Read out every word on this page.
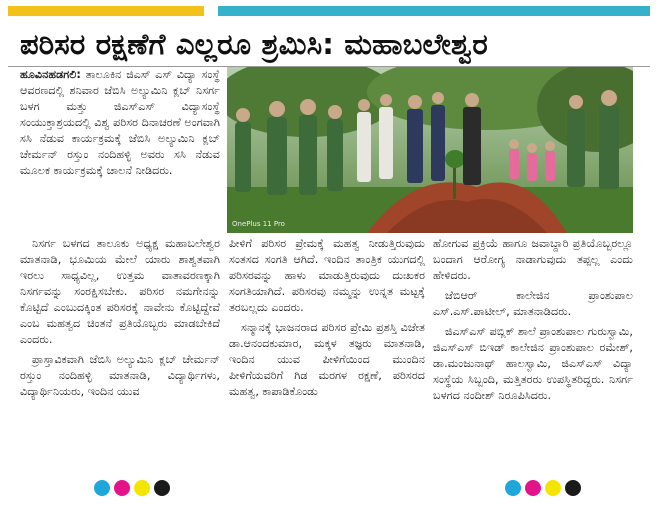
ಪರಿಸರ ರಕ್ಷಣೆಗೆ ಎಲ್ಲರೂ ಶ್ರಮಿಸಿ: ಮಹಾಬಲೇಶ್ವರ

ಹೂವಿನಹಡಗಲಿ: ತಾಲೂಕಿನ ಜಿಎಸ್ ಎಸ್ ವಿದ್ಯಾ ಸಂಸ್ಥೆ ಆವರಣದಲ್ಲಿ ಶನಿವಾರ ಜೆಬಿಸಿ ಅಲ್ಯುಮಿನಿ ಕ್ಲಬ್ ನಿಸರ್ಗ ಬಳಗ ಮತ್ತು ಜಿಎಸ್‌ಎಸ್ ವಿದ್ಯಾಸಂಸ್ಥೆ ಸಂಯುಕ್ತಾಶ್ರಯದಲ್ಲಿ ವಿಶ್ವ ಪರಿಸರ ದಿನಾಚರಣೆ ಅಂಗವಾಗಿ ಸಸಿ ನೆಡುವ ಕಾರ್ಯಕ್ರಮಕ್ಕೆ ಜೆಬಿಸಿ ಅಲ್ಯುಮಿನಿ ಕ್ಲಬ್ ಚೇರ್ಮನ್ ರಸ್ತುಂ ನಂದಿಹಳ್ಳಿ ಅವರು ಸಸಿ ನೆಡುವ ಮೂಲಕ ಕಾರ್ಯಕ್ರಮಕ್ಕೆ ಚಾಲನೆ ನೀಡಿದರು.

OnePlus 11 Pro

ನಿಸರ್ಗ ಬಳಗದ ತಾಲೂಕು ಅಧ್ಯಕ್ಷ ಮಹಾಬಲೇಶ್ವರ ಮಾತನಾಡಿ, ಭೂಮಿಯ ಮೇಲೆ ಯಾರು ಶಾಶ್ವತವಾಗಿ ಇರಲು ಸಾಧ್ಯವಿಲ್ಲ, ಉತ್ತಮ ವಾತಾವರಣಕ್ಕಾಗಿ ನಿಸರ್ಗವನ್ನು ಸಂರಕ್ಷಿಸಬೇಕು. ಪರಿಸರ ನಮಗೇನನ್ನು ಕೊಟ್ಟಿದೆ ಎಂಬುದಕ್ಕಿಂತ ಪರಿಸರಕ್ಕೆ ನಾವೇನು ಕೊಟ್ಟಿದ್ದೇವೆ ಎಂಬ ಮಹತ್ವದ ಚಿಂತನೆ ಪ್ರತಿಯೊಬ್ಬರು ಮಾಡಬೇಕಿದೆ ಎಂದರು.

ಪ್ರಾಸ್ತಾವಿಕವಾಗಿ ಜೆಬಿಸಿ ಅಲ್ಯುಮಿನಿ ಕ್ಲಬ್ ಚೇರ್ಮನ್ ರಸ್ತುಂ ನಂದಿಹಳ್ಳಿ ಮಾತನಾಡಿ, ವಿದ್ಯಾರ್ಥಿಗಳು, ವಿದ್ಯಾರ್ಥಿನಿಯರು, ಇಂದಿನ ಯುವ

ಪೀಳಿಗೆ ಪರಿಸರ ಪ್ರೇಮಕ್ಕೆ ಮಹತ್ವ ನೀಡುತ್ತಿರುವುದು ಸಂತಸದ ಸಂಗತಿ ಆಗಿದೆ. ಇಂದಿನ ತಾಂತ್ರಿಕ ಯುಗದಲ್ಲಿ ಪರಿಸರವನ್ನು ಹಾಳು ಮಾಡುತ್ತಿರುವುದು ದುಃಖಕರ ಸಂಗತಿಯಾಗಿದೆ. ಪರಿಸರವು ನಮ್ಮನ್ನು ಉನ್ನತ ಮಟ್ಟಕ್ಕೆ ತರಬಲ್ಲದು ಎಂದರು.

ಸನ್ಮಾನಕ್ಕೆ ಭಾಜನರಾದ ಪರಿಸರ ಪ್ರೇಮಿ ಪ್ರಶಸ್ತಿ ವಿಜೇತ ಡಾ.ಆನಂದಕುಮಾರ, ಮಕ್ಕಳ ತಜ್ಞರು ಮಾತನಾಡಿ, ಇಂದಿನ ಯುವ ಪೀಳಿಗೆಯಿಂದ ಮುಂದಿನ ಪೀಳಿಗೆಯವರಿಗೆ ಗಿಡ ಮರಗಳ ರಕ್ಷಣೆ, ಪರಿಸರದ ಮಹತ್ವ, ಕಾಪಾಡಿಕೊಂಡು

ಹೋಗುವ ಪ್ರಕ್ರಿಯೆ ಹಾಗೂ ಜವಾಬ್ದಾರಿ ಪ್ರತಿಯೊಬ್ಬರಲ್ಲೂ ಬಂದಾಗ ಆರೋಗ್ಯ ನಾಡಾಗುವುದು ತಪ್ಪಲ್ಲ ಎಂದು ಹೇಳಿದರು.

ಜೆಬಿಆರ್ ಕಾಲೇಜಿನ ಪ್ರಾಂಶುಪಾಲ ಎಸ್.ಎಸ್.ಪಾಟೀಲ್, ಮಾತನಾಡಿದರು.

ಜಿಎಸ್‌ಎಸ್ ಪಬ್ಲಿಕ್ ಶಾಲೆ ಪ್ರಾಂಶುಪಾಲ ಗುರುಸ್ವಾಮಿ, ಜಿಎಸ್‌ಎಸ್ ಬಿಇಡ್ ಕಾಲೇಜಿನ ಪ್ರಾಂಶುಪಾಲ ರಮೇಶ್, ಡಾ.ಮಂಜುನಾಥ್ ಹಾಲಸ್ವಾಮಿ, ಜಿಎಸ್ಎಸ್ ವಿದ್ಯಾ ಸಂಸ್ಥೆಯ ಸಿಬ್ಬಂದಿ, ಮತ್ತಿತರರು ಉಪಸ್ಥಿತರಿದ್ದರು. ನಿಸರ್ಗ ಬಳಗದ ನಂದೀಶ್ ನಿರೂಪಿಸಿದರು.
